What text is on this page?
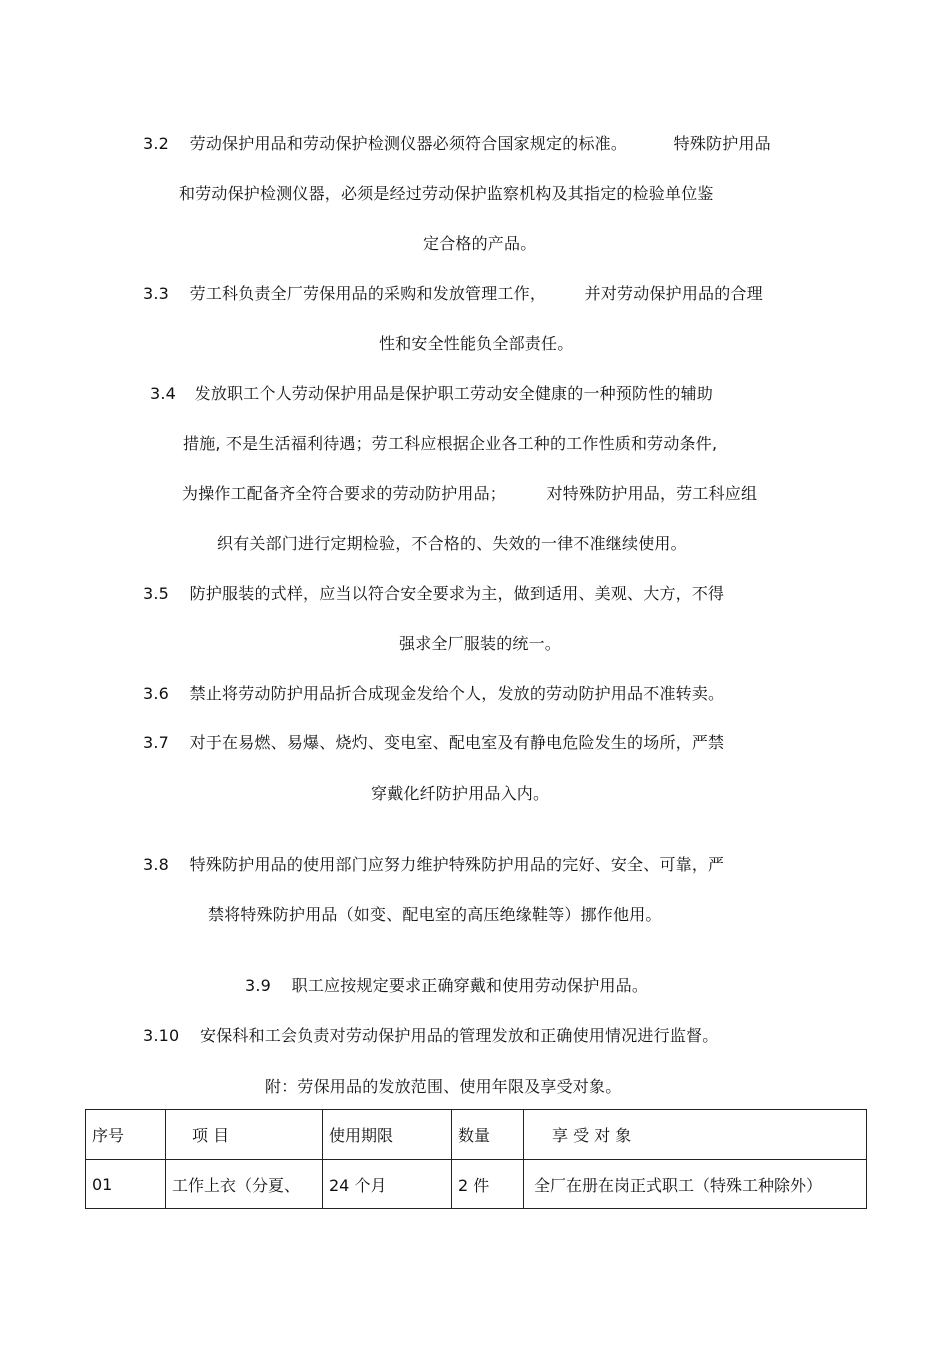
3.2 劳动保护用品和劳动保护检测仪器必须符合国家规定的标准。	特殊防护用品
和劳动保护检测仪器，必须是经过劳动保护监察机构及其指定的检验单位鉴
定合格的产品。
3.3 劳工科负责全厂劳保用品的采购和发放管理工作， 并对劳动保护用品的合理
性和安全性能负全部责任。
3.4 发放职工个人劳动保护用品是保护职工劳动安全健康的一种预防性的辅助
措施, 不是生活福利待遇；劳工科应根据企业各工种的工作性质和劳动条件,
为操作工配备齐全符合要求的劳动防护用品；	对特殊防护用品，劳工科应组
织有关部门进行定期检验，不合格的、失效的一律不准继续使用。
3.5 防护服装的式样，应当以符合安全要求为主，做到适用、美观、大方，不得
强求全厂服装的统一。
3.6 禁止将劳动防护用品折合成现金发给个人，发放的劳动防护用品不准转卖。
3.7 对于在易燃、易爆、烧灼、变电室、配电室及有静电危险发生的场所，严禁
穿戴化纤防护用品入内。
3.8 特殊防护用品的使用部门应努力维护特殊防护用品的完好、安全、可靠，严
禁将特殊防护用品（如变、配电室的高压绝缘鞋等）挪作他用。
3.9 职工应按规定要求正确穿戴和使用劳动保护用品。
3.10 安保科和工会负责对劳动保护用品的管理发放和正确使用情况进行监督。
附：劳保用品的发放范围、使用年限及享受对象。
序号	项 目	使用期限	数量	享 受 对 象
01	工作上衣（分夏、	24 个月	2 件	全厂在册在岗正式职工（特殊工种除外）
